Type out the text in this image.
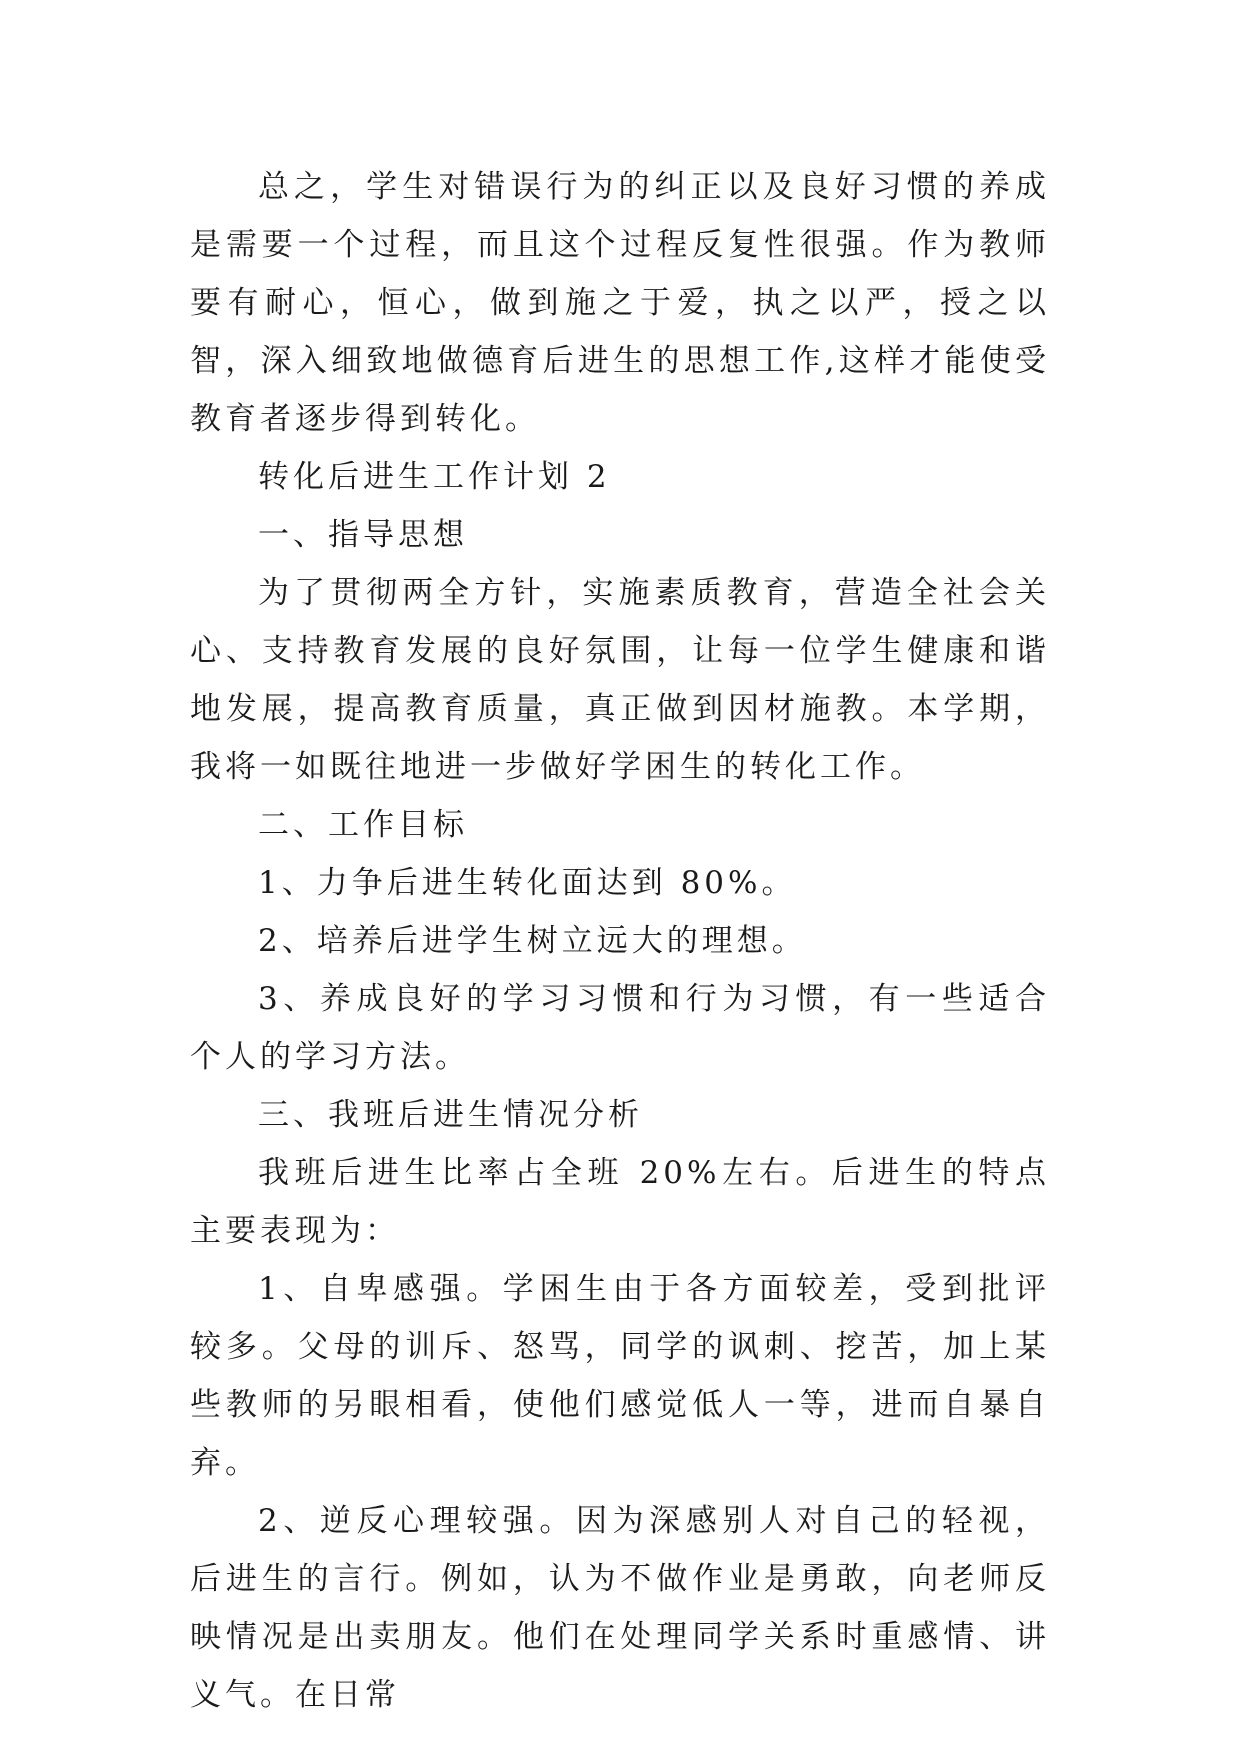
总之，学生对错误行为的纠正以及良好习惯的养成是需要一个过程，而且这个过程反复性很强。作为教师要有耐心，恒心，做到施之于爱，执之以严，授之以智，深入细致地做德育后进生的思想工作,这样才能使受教育者逐步得到转化。

转化后进生工作计划 2

一、指导思想

为了贯彻两全方针，实施素质教育，营造全社会关心、支持教育发展的良好氛围，让每一位学生健康和谐地发展，提高教育质量，真正做到因材施教。本学期，我将一如既往地进一步做好学困生的转化工作。

二、工作目标

1、力争后进生转化面达到 80%。

2、培养后进学生树立远大的理想。

3、养成良好的学习习惯和行为习惯，有一些适合个人的学习方法。

三、我班后进生情况分析

我班后进生比率占全班 20%左右。后进生的特点主要表现为：

1、自卑感强。学困生由于各方面较差，受到批评较多。父母的训斥、怒骂，同学的讽刺、挖苦，加上某些教师的另眼相看，使他们感觉低人一等，进而自暴自弃。

2、逆反心理较强。因为深感别人对自己的轻视，后进生的言行。例如，认为不做作业是勇敢，向老师反映情况是出卖朋友。他们在处理同学关系时重感情、讲义气。在日常
